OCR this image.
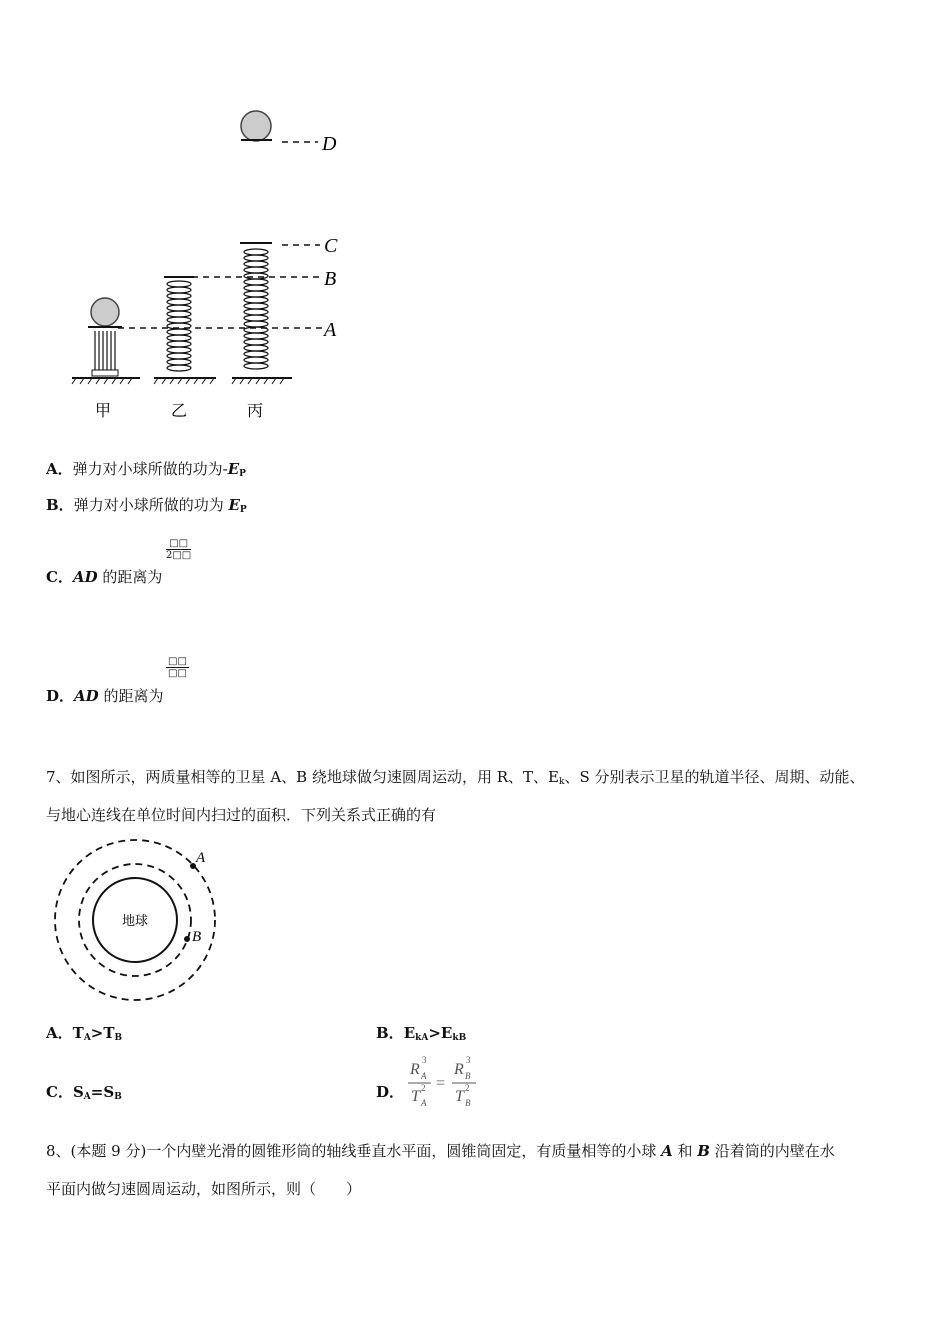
D
C
B
A
甲	乙	丙
A．弹力对小球所做的功为$-E_P$
B．弹力对小球所做的功为 $E_P$
□□
2□□
C．AD 的距离为
□□
□□
D．AD 的距离为
7、如图所示，两质量相等的卫星 A、B 绕地球做匀速圆周运动，用 R、T、$E_k$、S 分别表示卫星的轨道半径、周期、动能、
与地心连线在单位时间内扫过的面积．下列关系式正确的有
地球
A
B
A．$T_A>T_B$	B．$E_{kA}>E_{kB}$
C．$S_A=S_B$	D．
R A
3
T A
2 =
R B
3
T B
2
8、(本题 9 分)一个内壁光滑的圆锥形筒的轴线垂直水平面，圆锥筒固定，有质量相等的小球 A 和 B 沿着筒的内壁在水
平面内做匀速圆周运动，如图所示，则（　　）
